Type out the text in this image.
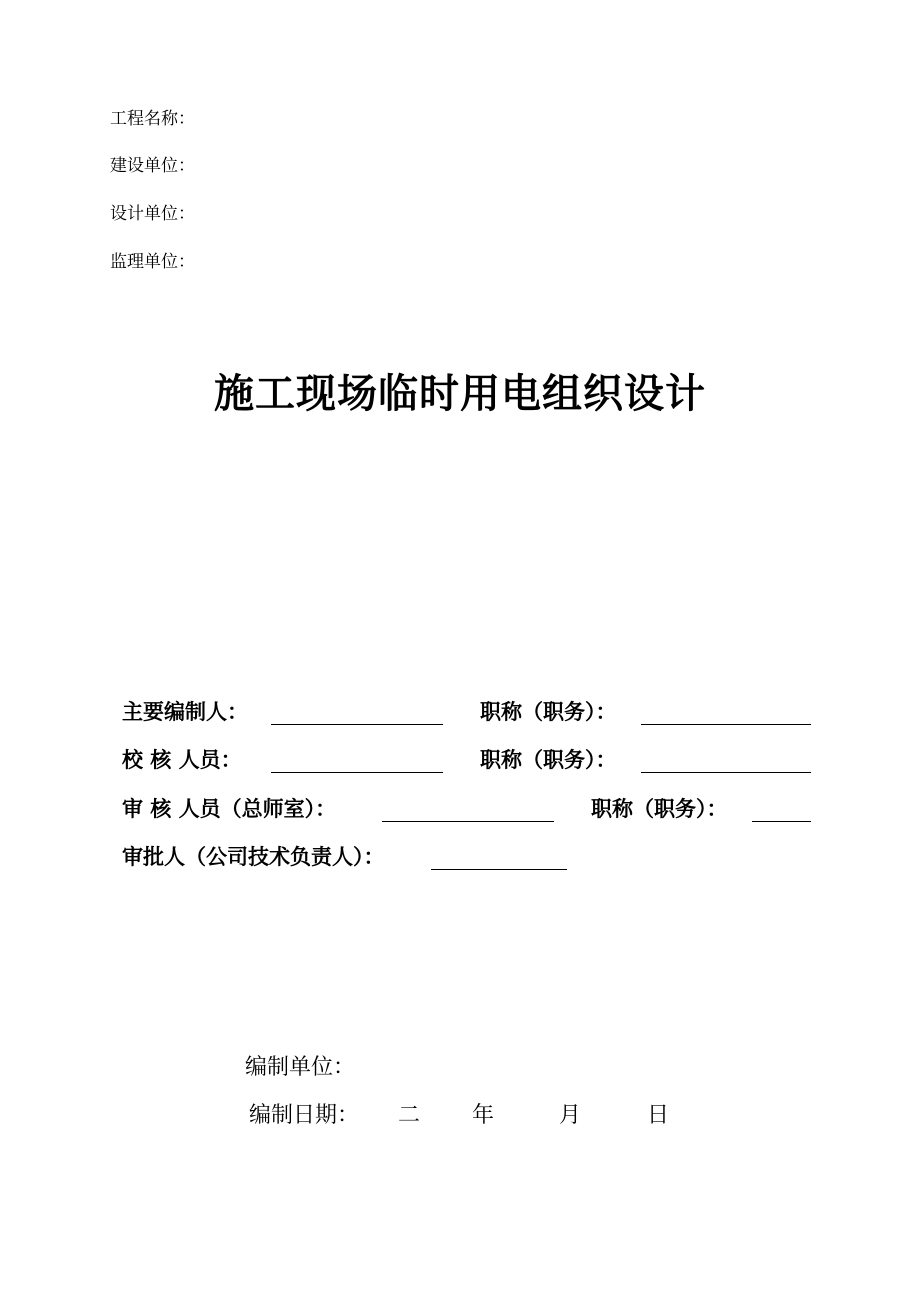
工程名称：
建设单位：
设计单位：
监理单位：
施工现场临时用电组织设计
主要编制人：	职称（职务）：
校 核 人员：	职称（职务）：
审 核 人员（总师室）：	职称（职务）：
审批人（公司技术负责人）：
编制单位：
编制日期： 二 年	月	日
